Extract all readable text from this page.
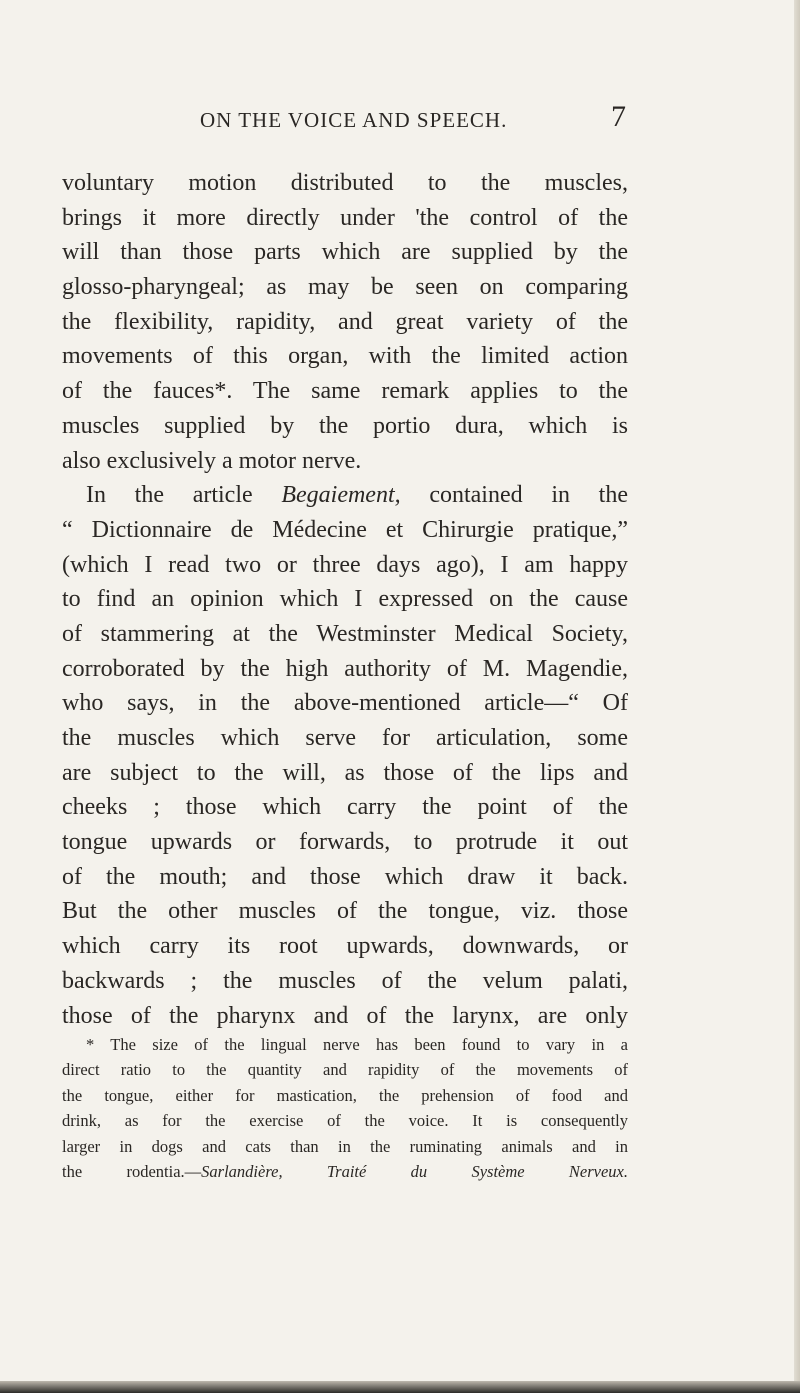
ON THE VOICE AND SPEECH.	7
voluntary motion distributed to the muscles,
brings it more directly under 'the control of the
will than those parts which are supplied by the
glosso-pharyngeal; as may be seen on comparing
the flexibility, rapidity, and great variety of the
movements of this organ, with the limited action
of the fauces*. The same remark applies to the
muscles supplied by the portio dura, which is
also exclusively a motor nerve.
In the article Begaiement, contained in the
“ Dictionnaire de Médecine et Chirurgie pratique,”
(which I read two or three days ago), I am happy
to find an opinion which I expressed on the cause
of stammering at the Westminster Medical Society,
corroborated by the high authority of M. Magendie,
who says, in the above-mentioned article—“ Of
the muscles which serve for articulation, some
are subject to the will, as those of the lips and
cheeks ; those which carry the point of the
tongue upwards or forwards, to protrude it out
of the mouth; and those which draw it back.
But the other muscles of the tongue, viz. those
which carry its root upwards, downwards, or
backwards ; the muscles of the velum palati,
those of the pharynx and of the larynx, are only
* The size of the lingual nerve has been found to vary in a
direct ratio to the quantity and rapidity of the movements of
the tongue, either for mastication, the prehension of food and
drink, as for the exercise of the voice. It is consequently
larger in dogs and cats than in the ruminating animals and in
the rodentia.—Sarlandière, Traité du Système Nerveux.
